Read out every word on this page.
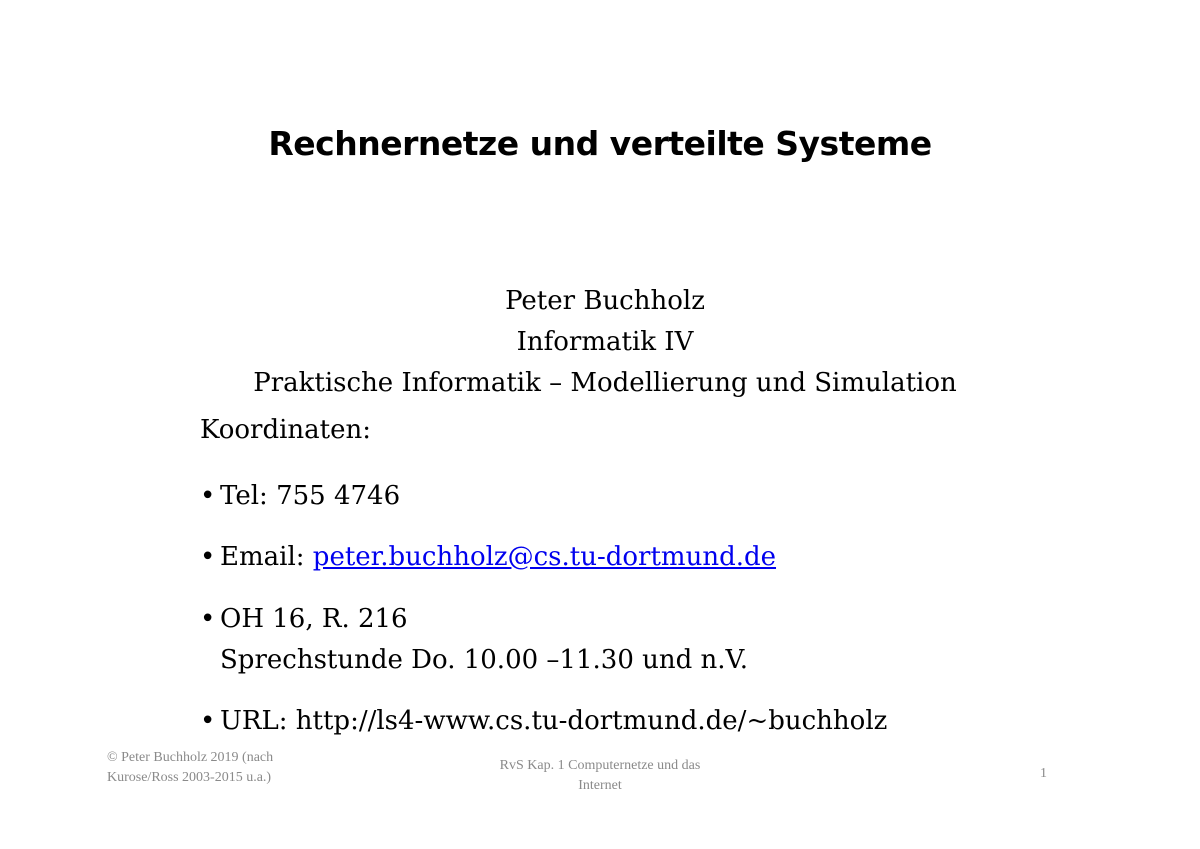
Rechnernetze und verteilte Systeme
Peter Buchholz
Informatik IV
Praktische Informatik – Modellierung und Simulation
Koordinaten:
• Tel: 755 4746
• Email: peter.buchholz@cs.tu-dortmund.de
• OH 16, R. 216
Sprechstunde Do. 10.00 –11.30 und n.V.
• URL: http://ls4-www.cs.tu-dortmund.de/~buchholz
© Peter Buchholz 2019 (nach
Kurose/Ross 2003-2015 u.a.)
RvS Kap. 1 Computernetze und das
Internet
1
